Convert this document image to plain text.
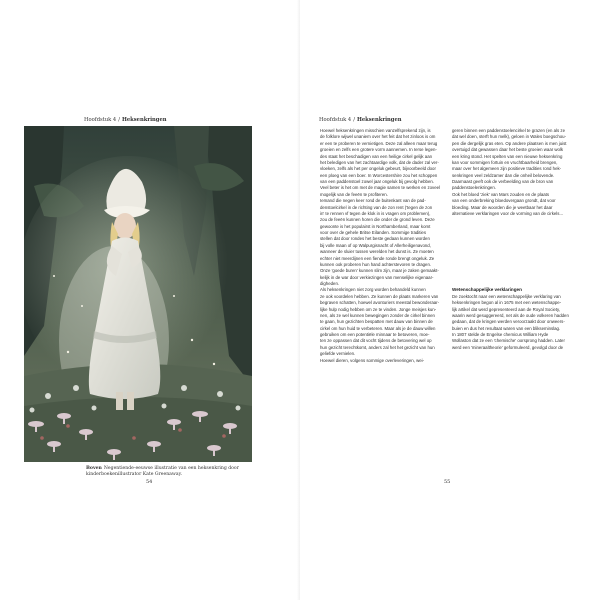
Hoofdstuk 4 / Heksenkringen
Boven Negentiende-eeuwse illustratie van een heksenkring door kinderboekenillustrator Kate Greenaway.
54
Hoofdstuk 4 / Heksenkringen
Hoewel heksenkringen misschien vanzelfsprekend zijn, is
de folklore wijwel unaniem over het feit dat het zinloos is om
er een te proberen te vernietigen. Deze zal alleen maar terug
groeien en zelfs een grotere vorm aannemen. In Ierse legen-
des staat het beschadigen van een heilige cirkel gelijk aan
het beledigen van het zachtaardige volk, dat de dader zal ver-
vloeken, zelfs als het per ongeluk gebeurt, bijvoorbeeld door
een ploeg van een boer. In Worcestershire zou het schoppen
van een paddenstoel zowel jaar ongeluk bij gevolg hebben.
Veel beter is het om met de magie samen te werken en zoveel
mogelijk van de feeën te profiteren.
Iemand die negen keer rond de buitenkant van de pad-
denstoelcirkel in de richting van de zon rent ('tegen de zon
in' te rennen vf tegen de klok in is vragen om problemen),
zou de feeën kunnen horen die onder de grond leven. Deze
gewoonte is het populairst in Northamberland, maar komt
voor over de gehele Britse Eilanden. Sommige tradities
stellen dat door rondes het beste gedaan kunnen worden
bij volle maan of op Walpurgisnacht of Allerheiligenavond,
wanneer de sluier tussen werelden het dunst is. Ze moeten
echter niet meerdijnen een fiende ronde brengt ongeluk. Ze
kunnen ook proberen hun hand achterstevoren te dragen.
Onze 'goede buren' kunnen slim zijn, maar je zaken gemaakt-
kelijk in de war door verkiezingen van menselijke eigenaar-
digheden.
Als heksenkringen niet zorg worden behandeld kunnen
ze ook voordelen hebben. Ze kunnen de plaats markeren van
begraven schatten, hoewel avonturiers meestal bewonderaar-
lijke hulp nodig hebben om ze te vinden. Jonge meisjes kun-
nen, als ze wel kunnen bewegingen zonder de cirkel binnen
te gaan, hun gezichten bespatten met dauw van binnen de
cirkel om hun huid te verbeteren. Maar als je de dauw willen
gebruiken om een potentiële minnaar te betoveren, moe-
ten ze oppassen dat dit vocht tijdens de betovering wel op
hun gezicht terechtkomt, anders zal het het gezicht van hun
geliefde vernielen.
Hoewel dieren, volgens sommige overleveringen, wei-
geren binnen een paddenstoelencirkel te grazen (en als ze
dat wel doen, sterft hun melk), geloen in Wales boegschou-
pen die dergelijk gras eten. Op andere plaatsen is men juist
overtuigd dat gewassen daar het beste groeien waar wolk
een kring stond. Het spelten van een nieuwe heksenkring
kan voor sommigen fortuin en vruchtbaarheid brengen,
maar over het algemeen zijn positieve tradities rond hek-
senkringen veel zeldzamer dan die onheil belovende.
Daarnaast geeft ook de verbeelding van de bron van
paddenstoelenkringen.
Ook het bloed 'ziek' van Mars zouden en de plaats
van een onderbreking bloedovergaan grondt, dat voor
bloeding. Maar de woorden die je weetbaar het daar
alternatieve verklaringen voor de vorming van de cirkels...
Wetenschappelijke verklaringen
De zoektocht naar een wetenschappelijke verklaring van
heksenkringen begon al in 1675 met een wetenschappe-
lijk artikel dat werd gepresenteerd aan de Royal Society,
waarin werd gesuggereerd, net als de oude volkeren hadden
gedaan, dat de kringen werden veroorzaakt door onweers-
buien en dus het resultaat waren van een blikseminslag.
In 1807 stelde de Engelse chemicus William Hyde
Wollaston dat ze een 'chemische' oorsprong hadden. Later
werd een 'mineraaltheorie' geformuleerd, gevolgd door de
55
